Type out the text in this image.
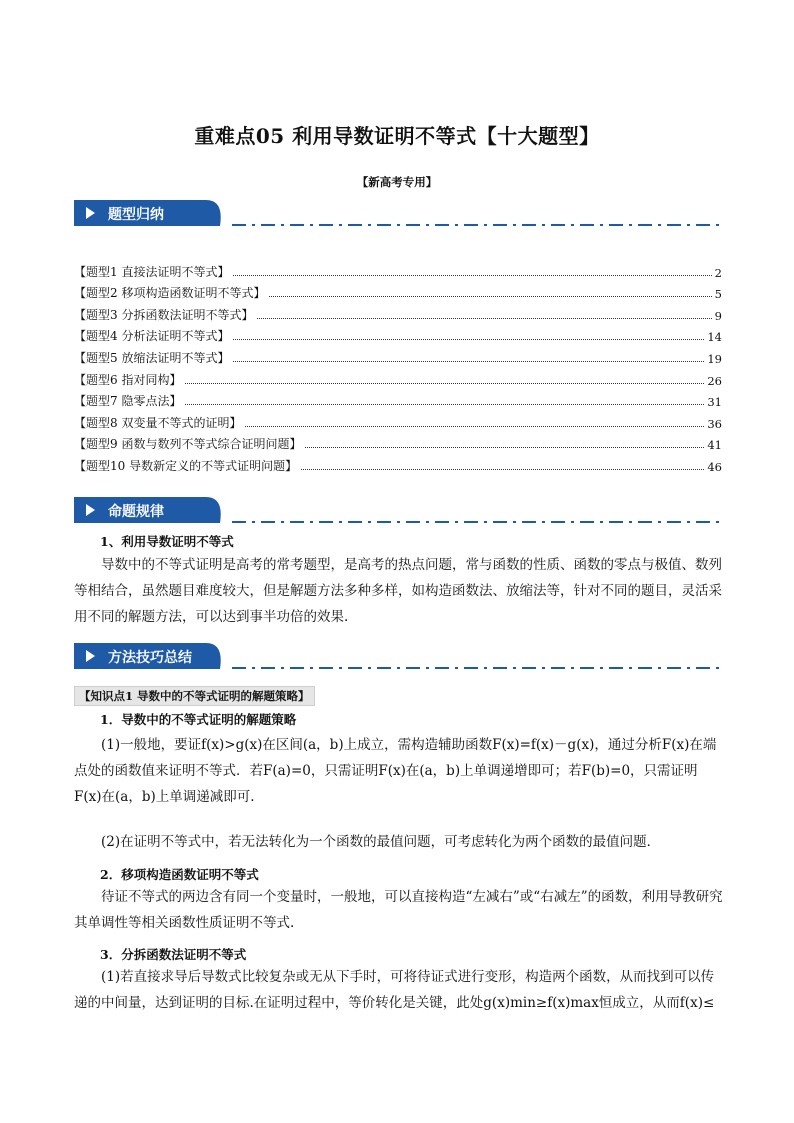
重难点05 利用导数证明不等式【十大题型】
【新高考专用】
题型归纳
【题型1 直接法证明不等式】	2
【题型2 移项构造函数证明不等式】	5
【题型3 分拆函数法证明不等式】	9
【题型4 分析法证明不等式】	14
【题型5 放缩法证明不等式】	19
【题型6 指对同构】	26
【题型7 隐零点法】	31
【题型8 双变量不等式的证明】	36
【题型9 函数与数列不等式综合证明问题】	41
【题型10 导数新定义的不等式证明问题】	46
命题规律
1、利用导数证明不等式
导数中的不等式证明是高考的常考题型，是高考的热点问题，常与函数的性质、函数的零点与极值、数列等相结合，虽然题目难度较大，但是解题方法多种多样，如构造函数法、放缩法等，针对不同的题目，灵活采用不同的解题方法，可以达到事半功倍的效果.
方法技巧总结
【知识点1 导数中的不等式证明的解题策略】
1．导数中的不等式证明的解题策略
(1)一般地，要证f(x)>g(x)在区间(a，b)上成立，需构造辅助函数F(x)=f(x)－g(x)，通过分析F(x)在端点处的函数值来证明不等式．若F(a)=0，只需证明F(x)在(a，b)上单调递增即可；若F(b)=0，只需证明F(x)在(a，b)上单调递减即可.
(2)在证明不等式中，若无法转化为一个函数的最值问题，可考虑转化为两个函数的最值问题．
2．移项构造函数证明不等式
待证不等式的两边含有同一个变量时，一般地，可以直接构造“左减右”或“右减左”的函数，利用导教研究其单调性等相关函数性质证明不等式.
3．分拆函数法证明不等式
(1)若直接求导后导数式比较复杂或无从下手时，可将待证式进行变形，构造两个函数，从而找到可以传递的中间量，达到证明的目标.在证明过程中，等价转化是关键，此处g(x)min≥f(x)max恒成立，从而f(x)≤
